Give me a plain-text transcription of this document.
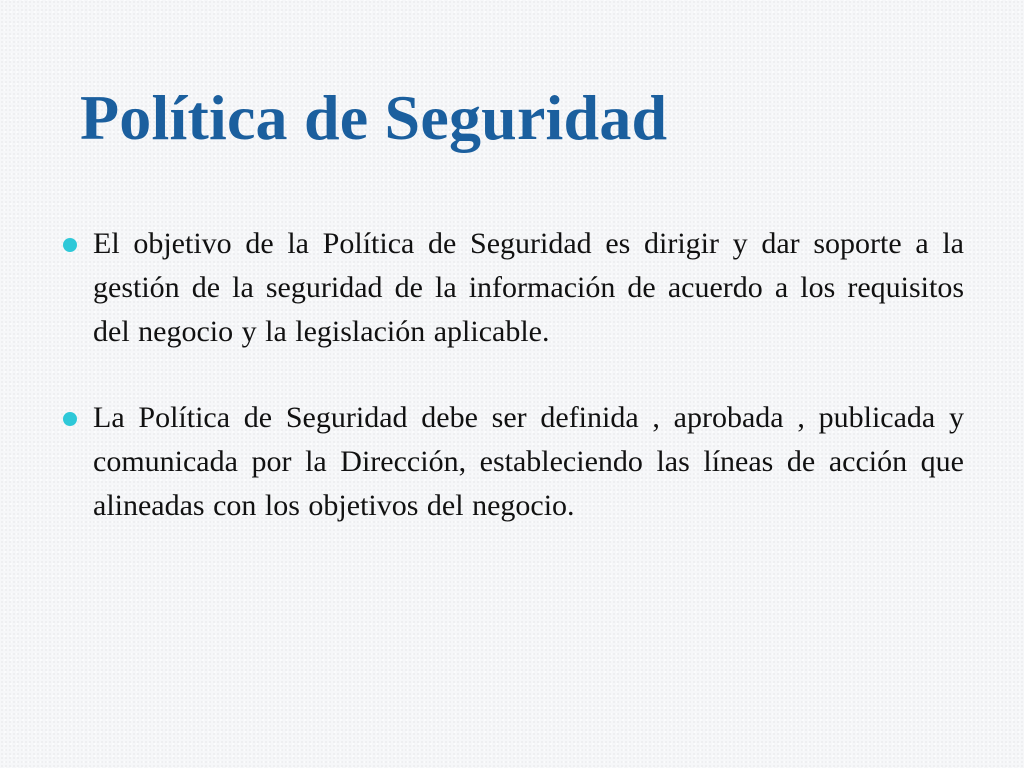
Política de Seguridad

El objetivo de la Política de Seguridad es dirigir y dar soporte a la gestión de la seguridad de la información de acuerdo a los requisitos del negocio y la legislación aplicable.

La Política de Seguridad debe ser definida , aprobada , publicada y comunicada por la Dirección, estableciendo las líneas de acción que alineadas con los objetivos del negocio.
